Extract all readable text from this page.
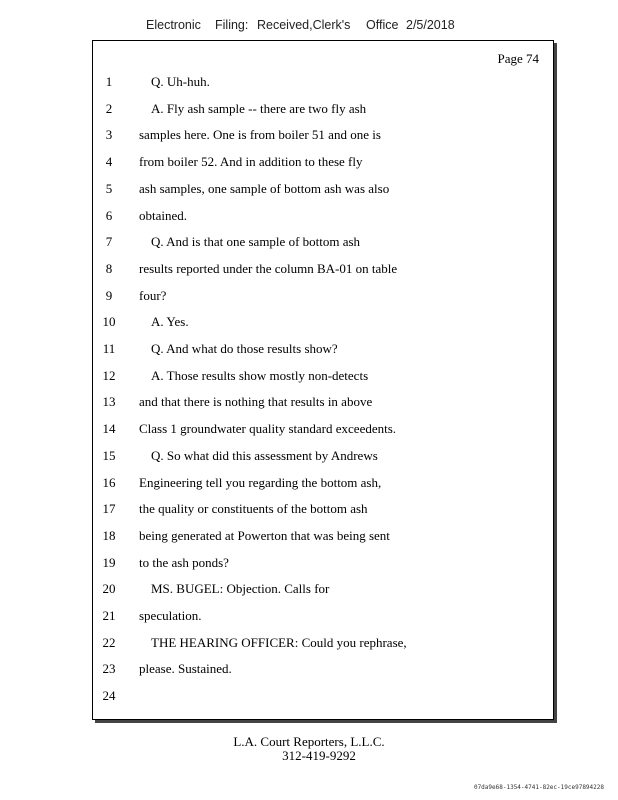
Electronic Filing: Received,Clerk's Office 2/5/2018
Page 74
1	Q. Uh-huh.
2	A. Fly ash sample -- there are two fly ash
3	samples here. One is from boiler 51 and one is
4	from boiler 52. And in addition to these fly
5	ash samples, one sample of bottom ash was also
6	obtained.
7	Q. And is that one sample of bottom ash
8	results reported under the column BA-01 on table
9	four?
10	A. Yes.
11	Q. And what do those results show?
12	A. Those results show mostly non-detects
13	and that there is nothing that results in above
14	Class 1 groundwater quality standard exceedents.
15	Q. So what did this assessment by Andrews
16	Engineering tell you regarding the bottom ash,
17	the quality or constituents of the bottom ash
18	being generated at Powerton that was being sent
19	to the ash ponds?
20	MS. BUGEL: Objection. Calls for
21	speculation.
22	THE HEARING OFFICER: Could you rephrase,
23	please. Sustained.
24
L.A. Court Reporters, L.L.C.
312-419-9292
07da9e68-1354-4741-82ec-19ce97894228
